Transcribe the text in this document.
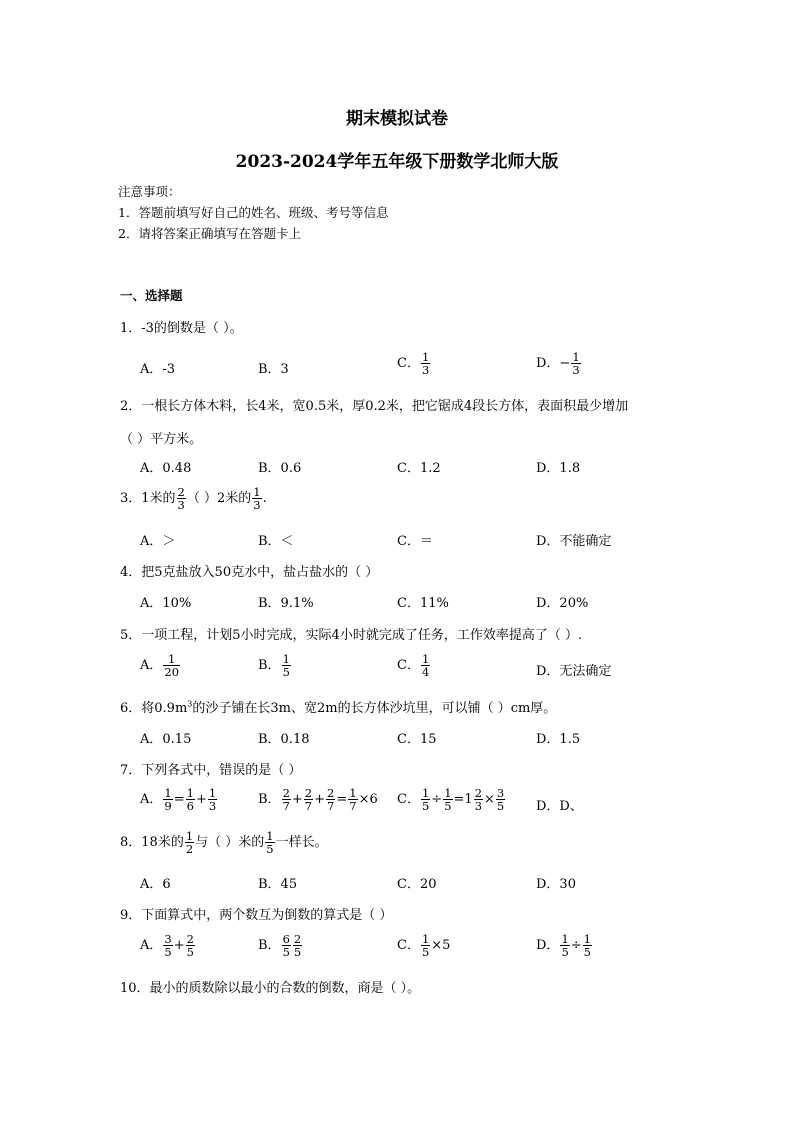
期末模拟试卷
2023-2024学年五年级下册数学北师大版
注意事项：
1．答题前填写好自己的姓名、班级、考号等信息
2．请将答案正确填写在答题卡上
一、选择题
1．-3的倒数是（ ）。
A．-3	B．3	C． $\frac{1}{3}$	D．− $\frac{1}{3}$
2．一根长方体木料，长4米，宽0.5米，厚0.2米，把它锯成4段长方体，表面积最少增加
（ ）平方米。
A．0.48	B．0.6	C．1.2	D．1.8
3．1米的 $\frac{2}{3}$ （ ）2米的 $\frac{1}{3}$ .
A．＞	B．＜	C．＝	D．不能确定
4．把5克盐放入50克水中，盐占盐水的（ ）
A．10%	B．9.1%	C．11%	D．20%
5．一项工程，计划5小时完成，实际4小时就完成了任务，工作效率提高了（ ）.
A． $\frac{1}{20}$	B． $\frac{1}{5}$	C． $\frac{1}{4}$	D．无法确定
6．将$0.9m^3$的沙子铺在长3m、宽2m的长方体沙坑里，可以铺（ ）cm厚。
A．0.15	B．0.18	C．15	D．1.5
7．下列各式中，错误的是（ ）
A． $\frac{1}{9} = \frac{1}{6} + \frac{1}{3}$	B． $\frac{2}{7} + \frac{2}{7} + \frac{2}{7} = \frac{1}{7} \times 6$ C． $\frac{1}{5} \div \frac{1}{5} =1 \frac{2}{3} \times \frac{3}{5}$ D．D、
8．18米的 $\frac{1}{2}$ 与（ ）米的 $\frac{1}{5}$ 一样长。
A．6	B．45	C．20	D．30
9．下面算式中，两个数互为倒数的算式是（ ）
A． $\frac{3}{5} + \frac{2}{5}$	B． $\frac{6}{5} \frac{2}{5}$	C． $\frac{1}{5} \times 5$	D． $\frac{1}{5} \div \frac{1}{5}$
10．最小的质数除以最小的合数的倒数，商是（ ）。
